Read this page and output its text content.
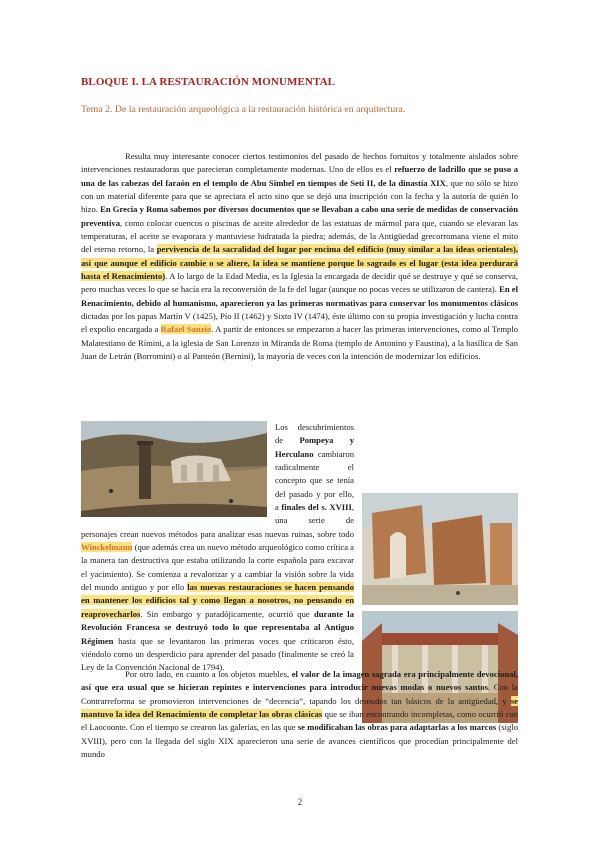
BLOQUE I. LA RESTAURACIÓN MONUMENTAL
Tema 2. De la restauración arqueológica a la restauración histórica en arquitectura.

Resulta muy interesante conocer ciertos testimonios del pasado de hechos fortuitos y totalmente aislados sobre intervenciones restauradoras que parecieran completamente modernas. Uno de ellos es el refuerzo de ladrillo que se puso a una de las cabezas del faraón en el templo de Abu Simbel en tiempos de Seti II, de la dinastía XIX, que no sólo se hizo con un material diferente para que se apreciara el acto sino que se dejó una inscripción con la fecha y la autoría de quién lo hizo. En Grecia y Roma sabemos por diversos documentos que se llevaban a cabo una serie de medidas de conservación preventiva, como colocar cuencos o piscinas de aceite alrededor de las estatuas de mármol para que, cuando se elevaran las temperaturas, el aceite se evaporara y mantuviese hidratada la piedra; además, de la Antigüedad grecorromana viene el mito del eterno retorno, la pervivencia de la sacralidad del lugar por encima del edificio (muy similar a las ideas orientales), así que aunque el edificio cambie o se altere, la idea se mantiene porque lo sagrado es el lugar (esta idea perdurará hasta el Renacimiento). A lo largo de la Edad Media, es la Iglesia la encargada de decidir qué se destruye y qué se conserva, pero muchas veces lo que se hacía era la reconversión de la fe del lugar (aunque no pocas veces se utilizaron de cantera). En el Renacimiento, debido al humanismo, aparecieron ya las primeras normativas para conservar los monumentos clásicos dictadas por los papas Martín V (1425), Pío II (1462) y Sixto IV (1474), éste último con su propia investigación y lucha contra el expolio encargada a Rafael Sanzio. A partir de entonces se empezaron a hacer las primeras intervenciones, como al Templo Malatestiano de Rímini, a la iglesia de San Lorenzo in Miranda de Roma (templo de Antonino y Faustina), a la basílica de San Juan de Letrán (Borromini) o al Panteón (Bernini), la mayoría de veces con la intención de modernizar los edificios.

Los descubrimientos de Pompeya y Herculano cambiaron radicalmente el concepto que se tenía del pasado y por ello, a finales del s. XVIII, una serie de personajes crean nuevos métodos para analizar esas nuevas ruinas, sobre todo Winckelmann (que además crea un nuevo método arqueológico como crítica a la manera tan destructiva que estaba utilizando la corte española para excavar el yacimiento). Se comienza a revalorizar y a cambiar la visión sobre la vida del mundo antiguo y por ello las nuevas restauraciones se hacen pensando en mantener los edificios tal y como llegan a nosotros, no pensando en reaprovecharlos. Sin embargo y paradójicamente, ocurrió que durante la Revolución Francesa se destruyó todo lo que representaba al Antiguo Régimen hasta que se levantaron las primeras voces que criticaron ésto, viéndolo como un desperdicio para aprender del pasado (finalmente se creó la Ley de la Convención Nacional de 1794).

Por otro lado, en cuanto a los objetos muebles, el valor de la imagen sagrada era principalmente devocional, así que era usual que se hicieran repintes e intervenciones para introducir nuevas modas o nuevos santos. Con la Contrarreforma se promovieron intervenciones de “decencia”, tapando los desnudos tan básicos de la antigüedad, y se mantuvo la idea del Renacimiento de completar las obras clásicas que se iban encontrando incompletas, como ocurrió con el Laocoonte. Con el tiempo se crearon las galerías, en las que se modificaban las obras para adaptarlas a los marcos (siglo XVIII), pero con la llegada del siglo XIX aparecieron una serie de avances científicos que procedían principalmente del mundo

2
